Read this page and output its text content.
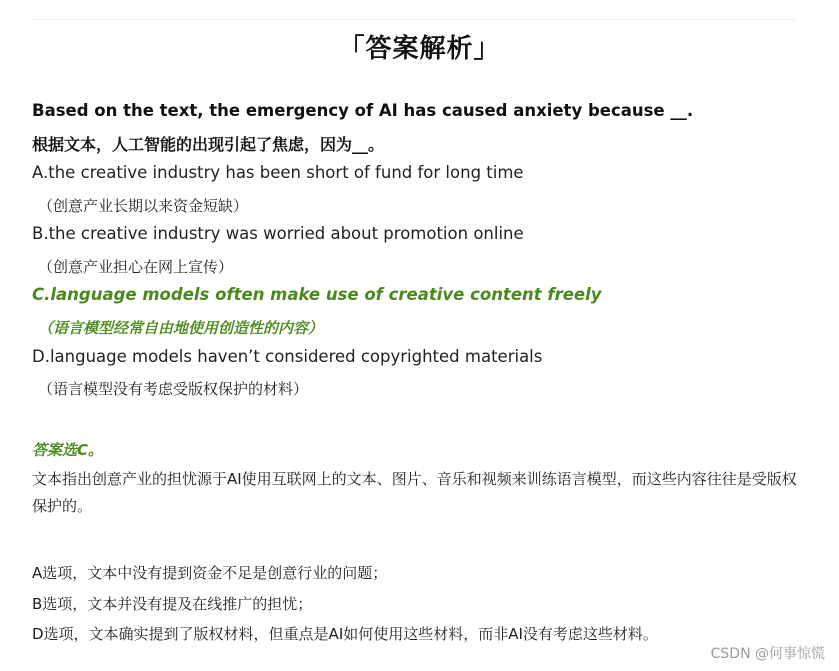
「答案解析」
Based on the text, the emergency of AI has caused anxiety because __.
根据文本，人工智能的出现引起了焦虑，因为__。
A.the creative industry has been short of fund for long time
（创意产业长期以来资金短缺）
B.the creative industry was worried about promotion online
（创意产业担心在网上宣传）
C.language models often make use of creative content freely
（语言模型经常自由地使用创造性的内容）
D.language models haven’t considered copyrighted materials
（语言模型没有考虑受版权保护的材料）
答案选C。
文本指出创意产业的担忧源于AI使用互联网上的文本、图片、音乐和视频来训练语言模型，而这些内容往往是受版权保护的。
A选项，文本中没有提到资金不足是创意行业的问题；
B选项，文本并没有提及在线推广的担忧；
D选项，文本确实提到了版权材料，但重点是AI如何使用这些材料，而非AI没有考虑这些材料。
CSDN @何事惊慌
